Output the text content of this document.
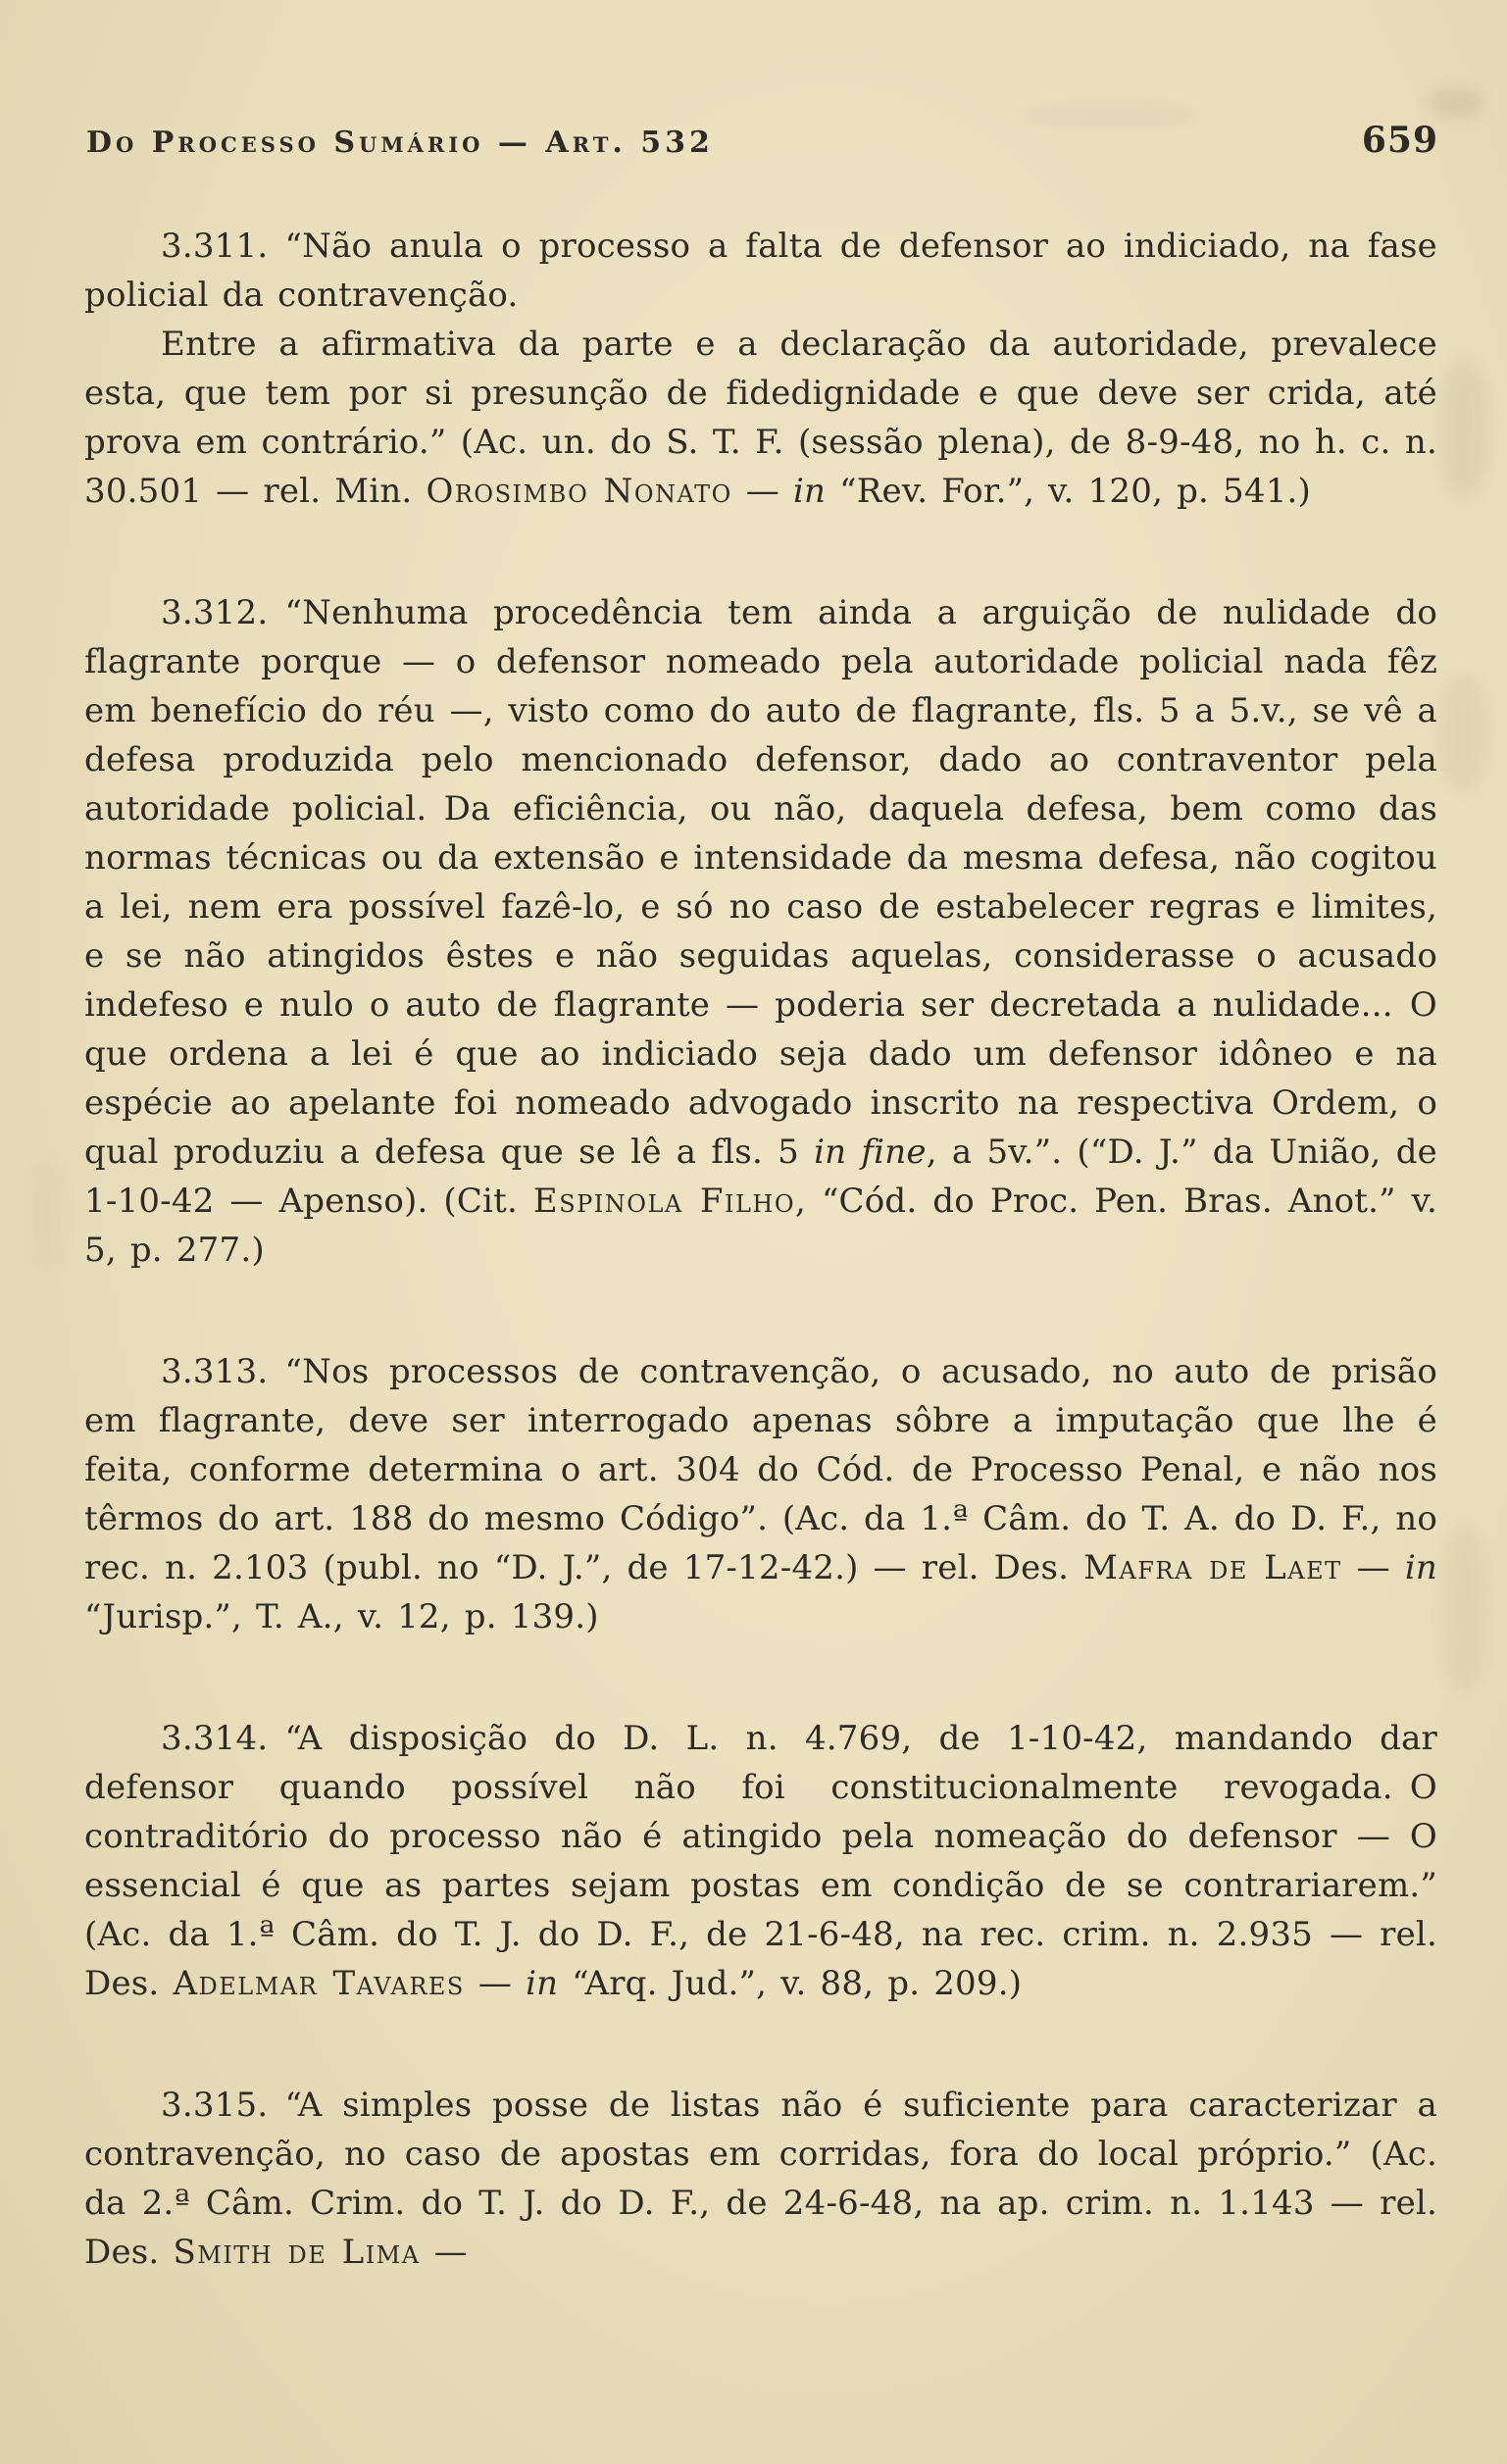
Do Processo Sumário — Art. 532	659

3.311. “Não anula o processo a falta de defensor ao indiciado, na fase policial da contravenção.

Entre a afirmativa da parte e a declaração da autoridade, prevalece esta, que tem por si presunção de fidedignidade e que deve ser crida, até prova em contrário.” (Ac. un. do S. T. F. (sessão plena), de 8-9-48, no h. c. n. 30.501 — rel. Min. Orosimbo Nonato — in “Rev. For.”, v. 120, p. 541.)

3.312. “Nenhuma procedência tem ainda a arguição de nulidade do flagrante porque — o defensor nomeado pela autoridade policial nada fêz em benefício do réu —, visto como do auto de flagrante, fls. 5 a 5.v., se vê a defesa produzida pelo mencionado defensor, dado ao contraventor pela autoridade policial. Da eficiência, ou não, daquela defesa, bem como das normas técnicas ou da extensão e intensidade da mesma defesa, não cogitou a lei, nem era possível fazê-lo, e só no caso de estabelecer regras e limites, e se não atingidos êstes e não seguidas aquelas, considerasse o acusado indefeso e nulo o auto de flagrante — poderia ser decretada a nulidade... O que ordena a lei é que ao indiciado seja dado um defensor idôneo e na espécie ao apelante foi nomeado advogado inscrito na respectiva Ordem, o qual produziu a defesa que se lê a fls. 5 in fine, a 5v.”. (“D. J.” da União, de 1-10-42 — Apenso). (Cit. Espinola Filho, “Cód. do Proc. Pen. Bras. Anot.” v. 5, p. 277.)

3.313. “Nos processos de contravenção, o acusado, no auto de prisão em flagrante, deve ser interrogado apenas sôbre a imputação que lhe é feita, conforme determina o art. 304 do Cód. de Processo Penal, e não nos têrmos do art. 188 do mesmo Código”. (Ac. da 1.ª Câm. do T. A. do D. F., no rec. n. 2.103 (publ. no “D. J.”, de 17-12-42.) — rel. Des. Mafra de Laet — in “Jurisp.”, T. A., v. 12, p. 139.)

3.314. “A disposição do D. L. n. 4.769, de 1-10-42, mandando dar defensor quando possível não foi constitucionalmente revogada. O contraditório do processo não é atingido pela nomeação do defensor — O essencial é que as partes sejam postas em condição de se contrariarem.” (Ac. da 1.ª Câm. do T. J. do D. F., de 21-6-48, na rec. crim. n. 2.935 — rel. Des. Adelmar Tavares — in “Arq. Jud.”, v. 88, p. 209.)

3.315. “A simples posse de listas não é suficiente para caracterizar a contravenção, no caso de apostas em corridas, fora do local próprio.” (Ac. da 2.ª Câm. Crim. do T. J. do D. F., de 24-6-48, na ap. crim. n. 1.143 — rel. Des. Smith de Lima —
